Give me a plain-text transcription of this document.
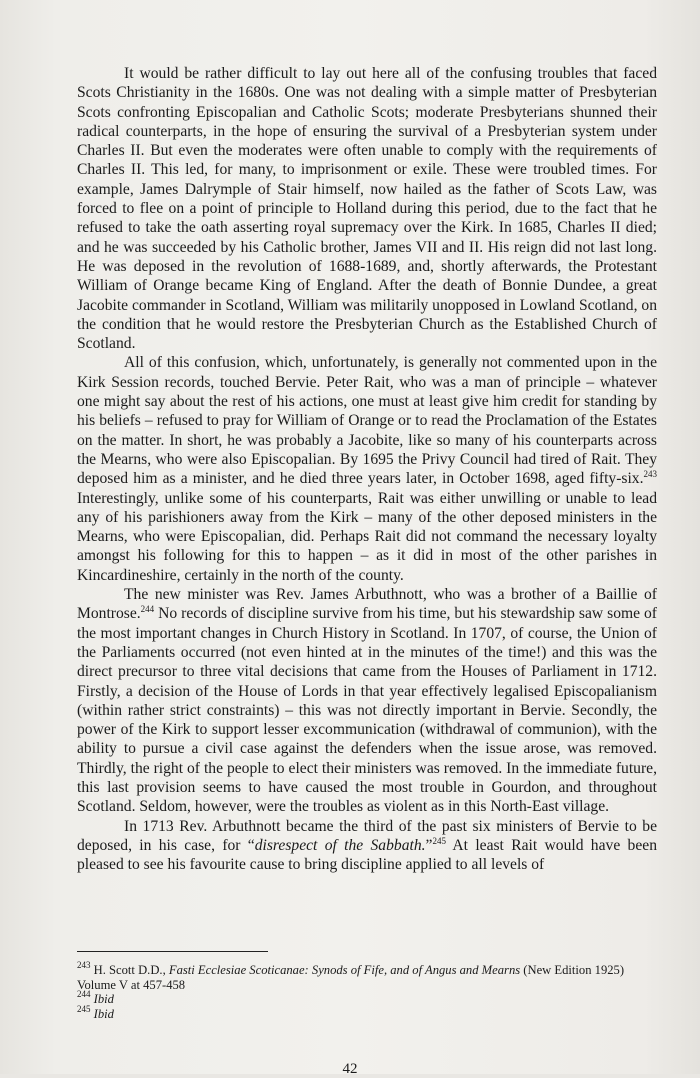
It would be rather difficult to lay out here all of the confusing troubles that faced Scots Christianity in the 1680s. One was not dealing with a simple matter of Presbyterian Scots confronting Episcopalian and Catholic Scots; moderate Presbyterians shunned their radical counterparts, in the hope of ensuring the survival of a Presbyterian system under Charles II. But even the moderates were often unable to comply with the requirements of Charles II. This led, for many, to imprisonment or exile. These were troubled times. For example, James Dalrymple of Stair himself, now hailed as the father of Scots Law, was forced to flee on a point of principle to Holland during this period, due to the fact that he refused to take the oath asserting royal supremacy over the Kirk. In 1685, Charles II died; and he was succeeded by his Catholic brother, James VII and II. His reign did not last long. He was deposed in the revolution of 1688-1689, and, shortly afterwards, the Protestant William of Orange became King of England. After the death of Bonnie Dundee, a great Jacobite commander in Scotland, William was militarily unopposed in Lowland Scotland, on the condition that he would restore the Presbyterian Church as the Established Church of Scotland.

All of this confusion, which, unfortunately, is generally not commented upon in the Kirk Session records, touched Bervie. Peter Rait, who was a man of principle – whatever one might say about the rest of his actions, one must at least give him credit for standing by his beliefs – refused to pray for William of Orange or to read the Proclamation of the Estates on the matter. In short, he was probably a Jacobite, like so many of his counterparts across the Mearns, who were also Episcopalian. By 1695 the Privy Council had tired of Rait. They deposed him as a minister, and he died three years later, in October 1698, aged fifty-six.$^{243}$ Interestingly, unlike some of his counterparts, Rait was either unwilling or unable to lead any of his parishioners away from the Kirk – many of the other deposed ministers in the Mearns, who were Episcopalian, did. Perhaps Rait did not command the necessary loyalty amongst his following for this to happen – as it did in most of the other parishes in Kincardineshire, certainly in the north of the county.

The new minister was Rev. James Arbuthnott, who was a brother of a Baillie of Montrose.$^{244}$ No records of discipline survive from his time, but his stewardship saw some of the most important changes in Church History in Scotland. In 1707, of course, the Union of the Parliaments occurred (not even hinted at in the minutes of the time!) and this was the direct precursor to three vital decisions that came from the Houses of Parliament in 1712. Firstly, a decision of the House of Lords in that year effectively legalised Episcopalianism (within rather strict constraints) – this was not directly important in Bervie. Secondly, the power of the Kirk to support lesser excommunication (withdrawal of communion), with the ability to pursue a civil case against the defenders when the issue arose, was removed. Thirdly, the right of the people to elect their ministers was removed. In the immediate future, this last provision seems to have caused the most trouble in Gourdon, and throughout Scotland. Seldom, however, were the troubles as violent as in this North-East village.

In 1713 Rev. Arbuthnott became the third of the past six ministers of Bervie to be deposed, in his case, for “disrespect of the Sabbath.”$^{245}$ At least Rait would have been pleased to see his favourite cause to bring discipline applied to all levels of

$^{243}$ H. Scott D.D., Fasti Ecclesiae Scoticanae: Synods of Fife, and of Angus and Mearns (New Edition 1925) Volume V at 457-458

$^{244}$ Ibid

$^{245}$ Ibid

42
